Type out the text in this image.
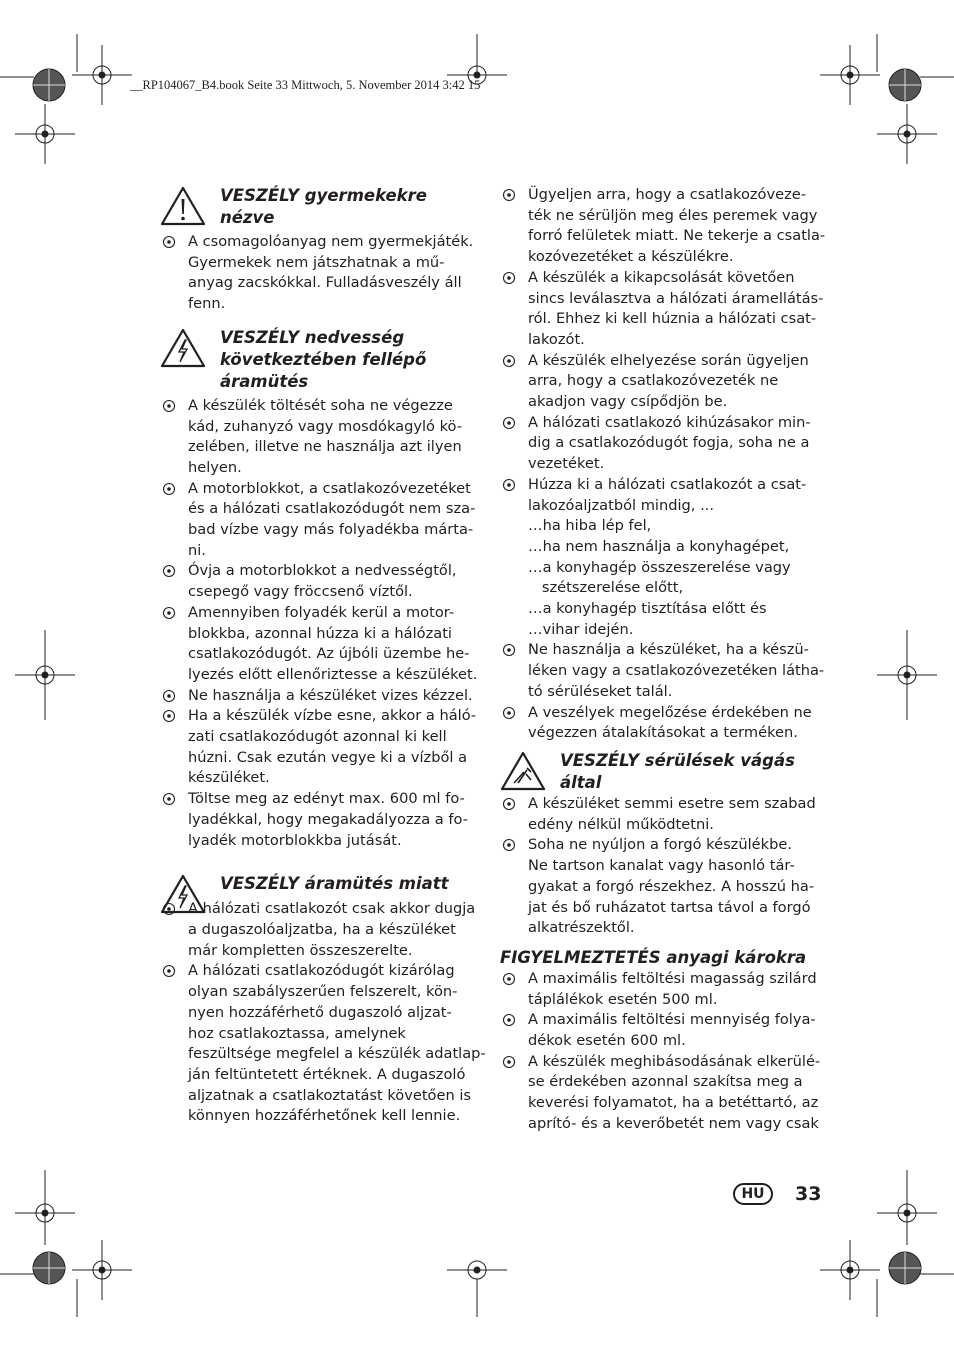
__RP104067_B4.book Seite 33 Mittwoch, 5. November 2014 3:42 15
VESZÉLY gyermekekre
nézve
A csomagolóanyag nem gyermekjáték.
Gyermekek nem játszhatnak a mű-
anyag zacskókkal. Fulladásveszély áll
fenn.
VESZÉLY nedvesség
következtében fellépő
áramütés
A készülék töltését soha ne végezze
kád, zuhanyzó vagy mosdókagyló kö-
zelében, illetve ne használja azt ilyen
helyen.
A motorblokkot, a csatlakozóvezetéket
és a hálózati csatlakozódugót nem sza-
bad vízbe vagy más folyadékba márta-
ni.
Óvja a motorblokkot a nedvességtől,
csepegő vagy fröccsenő víztől.
Amennyiben folyadék kerül a motor-
blokkba, azonnal húzza ki a hálózati
csatlakozódugót. Az újbóli üzembe he-
lyezés előtt ellenőriztesse a készüléket.
Ne használja a készüléket vizes kézzel.
Ha a készülék vízbe esne, akkor a háló-
zati csatlakozódugót azonnal ki kell
húzni. Csak ezután vegye ki a vízből a
készüléket.
Töltse meg az edényt max. 600 ml fo-
lyadékkal, hogy megakadályozza a fo-
lyadék motorblokkba jutását.
VESZÉLY áramütés miatt
A hálózati csatlakozót csak akkor dugja
a dugaszolóaljzatba, ha a készüléket
már kompletten összeszerelte.
A hálózati csatlakozódugót kizárólag
olyan szabályszerűen felszerelt, kön-
nyen hozzáférhető dugaszoló aljzat-
hoz csatlakoztassa, amelynek
feszültsége megfelel a készülék adatlap-
ján feltüntetett értéknek. A dugaszoló
aljzatnak a csatlakoztatást követően is
könnyen hozzáférhetőnek kell lennie.
Ügyeljen arra, hogy a csatlakozóveze-
ték ne sérüljön meg éles peremek vagy
forró felületek miatt. Ne tekerje a csatla-
kozóvezetéket a készülékre.
A készülék a kikapcsolását követően
sincs leválasztva a hálózati áramellátás-
ról. Ehhez ki kell húznia a hálózati csat-
lakozót.
A készülék elhelyezése során ügyeljen
arra, hogy a csatlakozóvezeték ne
akadjon vagy csípődjön be.
A hálózati csatlakozó kihúzásakor min-
dig a csatlakozódugót fogja, soha ne a
vezetéket.
Húzza ki a hálózati csatlakozót a csat-
lakozóaljzatból mindig, ...
…ha hiba lép fel,
…ha nem használja a konyhagépet,
…a konyhagép összeszerelése vagy
szétszerelése előtt,
…a konyhagép tisztítása előtt és
…vihar idején.
Ne használja a készüléket, ha a készü-
léken vagy a csatlakozóvezetéken látha-
tó sérüléseket talál.
A veszélyek megelőzése érdekében ne
végezzen átalakításokat a terméken.
VESZÉLY sérülések vágás
által
A készüléket semmi esetre sem szabad
edény nélkül működtetni.
Soha ne nyúljon a forgó készülékbe.
Ne tartson kanalat vagy hasonló tár-
gyakat a forgó részekhez. A hosszú ha-
jat és bő ruházatot tartsa távol a forgó
alkatrészektől.
FIGYELMEZTETÉS anyagi károkra
A maximális feltöltési magasság szilárd
táplálékok esetén 500 ml.
A maximális feltöltési mennyiség folya-
dékok esetén 600 ml.
A készülék meghibásodásának elkerülé-
se érdekében azonnal szakítsa meg a
keverési folyamatot, ha a betéttartó, az
aprító- és a keverőbetét nem vagy csak
HU	33
